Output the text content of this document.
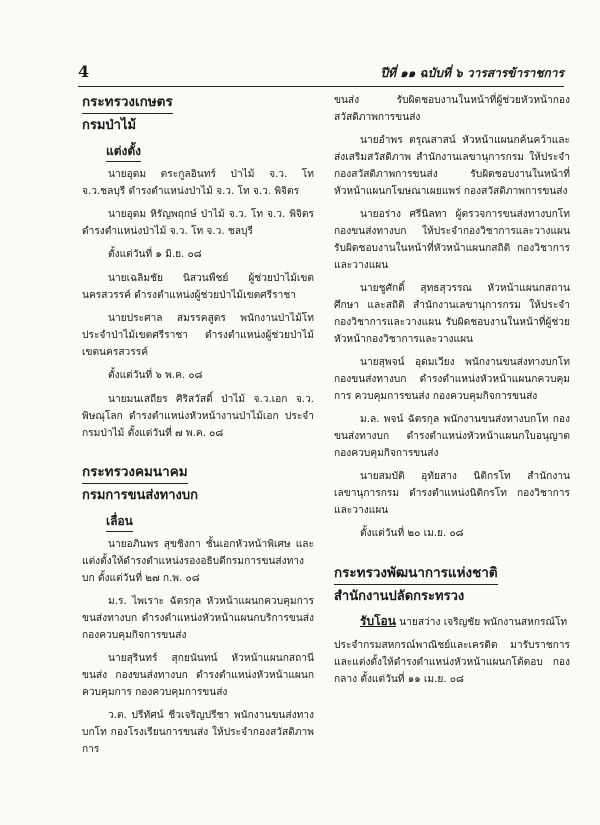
4	ปีที่ ๑๑ ฉบับที่ ๖ วารสารข้าราชการ
กระทรวงเกษตร
กรมป่าไม้
แต่งตั้ง

นายอุดม ตระกูลอินทร์ ป่าไม้ จ.ว. โท จ.ว.ชลบุรี ดำรงตำแหน่งป่าไม้ จ.ว. โท จ.ว. พิจิตร

นายอุดม หิรัญพฤกษ์ ป่าไม้ จ.ว. โท จ.ว. พิจิตร ดำรงตำแหน่งป่าไม้ จ.ว. โท จ.ว. ชลบุรี

ตั้งแต่วันที่ ๑ มิ.ย. ๐๘

นายเฉลิมชัย นิสวนพืชย์ ผู้ช่วยป่าไม้เขตนครสวรรค์ ดำรงตำแหน่งผู้ช่วยป่าไม้เขตศรีราชา

นายประศาล สมรรคสูตร พนักงานป่าไม้โท ประจำป่าไม้เขตศรีราชา ดำรงตำแหน่งผู้ช่วยป่าไม้เขตนครสวรรค์

ตั้งแต่วันที่ ๖ พ.ค. ๐๘

นายมนเสถียร ศิริสวัสดิ์ ป่าไม้ จ.ว.เอก จ.ว. พิษณุโลก ดำรงตำแหน่งหัวหน้างานป่าไม้เอก ประจำกรมป่าไม้ ตั้งแต่วันที่ ๗ พ.ค. ๐๘

กระทรวงคมนาคม
กรมการขนส่งทางบก
เลื่อน

นายอภินพร สุขชิงกา ชั้นเอกหัวหน้าพิเศษ และแต่งตั้งให้ดำรงตำแหน่งรองอธิบดีกรมการขนส่งทางบก ตั้งแต่วันที่ ๒๗ ก.พ. ๐๘

ม.ร. ไพเราะ ฉัตรกุล หัวหน้าแผนกควบคุมการขนส่งทางบก ดำรงตำแหน่งหัวหน้าแผนกบริการขนส่ง กองควบคุมกิจการขนส่ง

นายสุรินทร์ สุกยนันทน์ หัวหน้าแผนกสถานีขนส่ง กองขนส่งทางบก ดำรงตำแหน่งหัวหน้าแผนกควบคุมการ กองควบคุมการขนส่ง

ว.ต. ปรีทัศน์ ชีวเจริญปรีชา พนักงานขนส่งทางบกโท กองโรงเรียนการขนส่ง ให้ประจำกองสวัสดิภาพการ

ขนส่ง รับผิดชอบงานในหน้าที่ผู้ช่วยหัวหน้ากองสวัสดิภาพการขนส่ง

นายอำพร ตรุณสาสน์ หัวหน้าแผนกค้นคว้าและส่งเสริมสวัสดิภาพ สำนักงานเลขานุการกรม ให้ประจำกองสวัสดิภาพการขนส่ง รับผิดชอบงานในหน้าที่หัวหน้าแผนกโฆษณาเผยแพร่ กองสวัสดิภาพการขนส่ง

นายอร่าง ศรีนิลทา ผู้ตรวจการขนส่งทางบกโท กองขนส่งทางบก ให้ประจำกองวิชาการและวางแผน รับผิดชอบงานในหน้าที่หัวหน้าแผนกสถิติ กองวิชาการและวางแผน

นายชูศักดิ์ สุทธสุวรรณ หัวหน้าแผนกสถานศึกษา และสถิติ สำนักงานเลขานุการกรม ให้ประจำกองวิชาการและวางแผน รับผิดชอบงานในหน้าที่ผู้ช่วยหัวหน้ากองวิชาการและวางแผน

นายสุพจน์ อุดมเวียง พนักงานขนส่งทางบกโท กองขนส่งทางบก ดำรงตำแหน่งหัวหน้าแผนกควบคุมการ ควบคุมการขนส่ง กองควบคุมกิจการขนส่ง

ม.ล. พจน์ ฉัตรกุล พนักงานขนส่งทางบกโท กองขนส่งทางบก ดำรงตำแหน่งหัวหน้าแผนกใบอนุญาต กองควบคุมกิจการขนส่ง

นายสมบัติ อุทัยสาง นิติกรโท สำนักงานเลขานุการกรม ดำรงตำแหน่งนิติกรโท กองวิชาการและวางแผน

ตั้งแต่วันที่ ๒๐ เม.ย. ๐๘
กระทรวงพัฒนาการแห่งชาติ
สำนักงานปลัดกระทรวง

รับโอน นายสว่าง เจริญชัย พนักงานสหกรณ์โท

ประจำกรมสหกรณ์พาณิชย์และเครดิต มารับราชการและแต่งตั้งให้ดำรงตำแหน่งหัวหน้าแผนกโต้ตอบ กองกลาง ตั้งแต่วันที่ ๑๑ เม.ย. ๐๘
